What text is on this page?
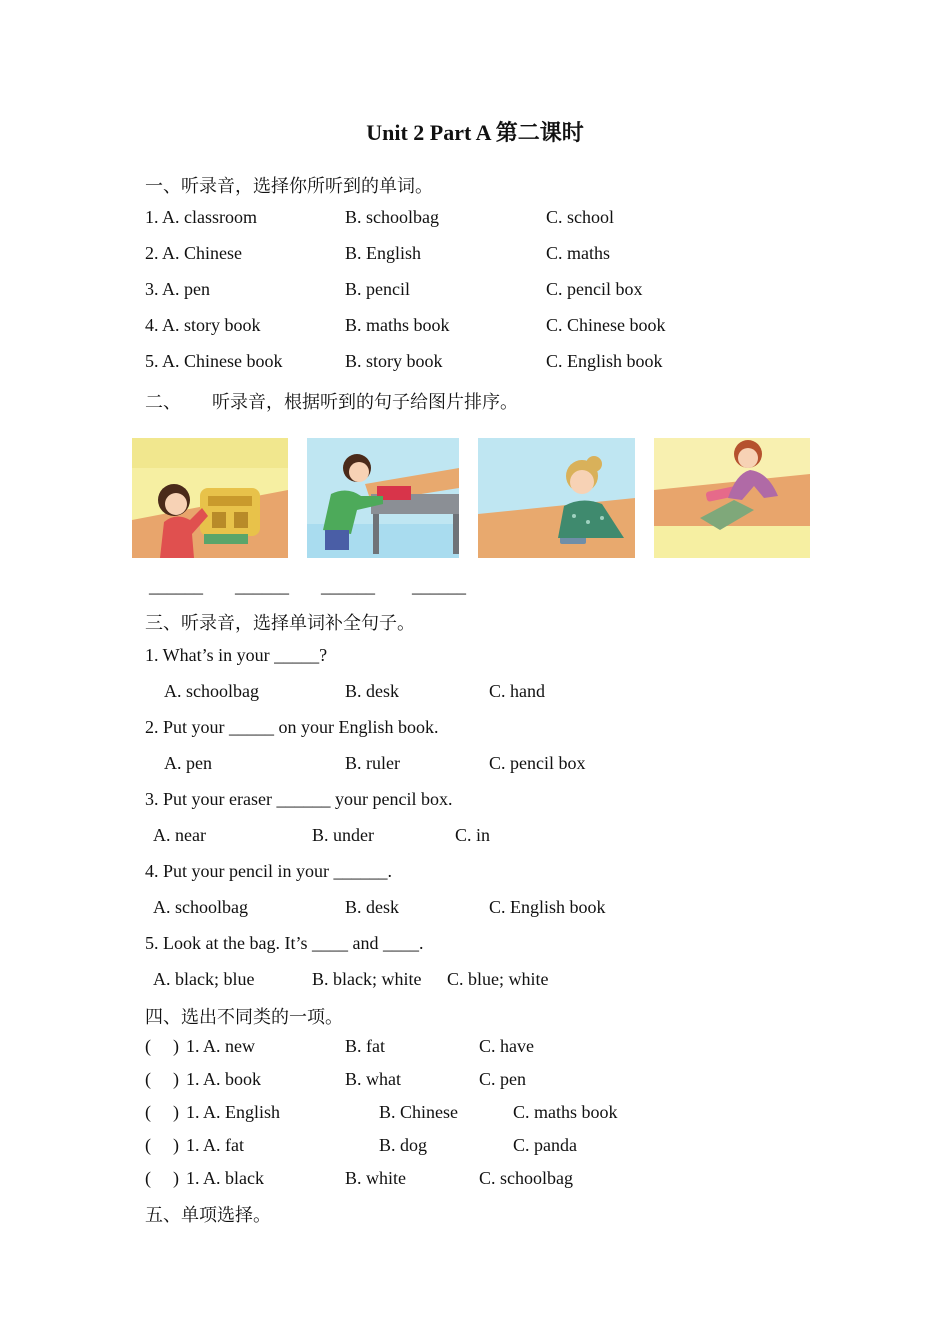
Unit 2 Part A 第二课时
一、听录音，选择你所听到的单词。
1. A. classroom	B. schoolbag	C. school
2. A. Chinese	B. English	C. maths
3. A. pen	B. pencil	C. pencil box
4. A. story book	B. maths book	C. Chinese book
5. A. Chinese book	B. story book	C. English book
二、 听录音，根据听到的句子给图片排序。
______ ______ ______ ______
三、听录音，选择单词补全句子。
1. What’s in your _____?
A. schoolbag	B. desk	C. hand
2. Put your _____ on your English book.
A. pen	B. ruler	C. pencil box
3. Put your eraser ______ your pencil box.
A. near	B. under	C. in
4. Put your pencil in your ______.
A. schoolbag	B. desk	C. English book
5. Look at the bag. It’s ____ and ____.
A. black; blue	B. black; white C. blue; white
四、选出不同类的一项。
( ) 1. A. new	B. fat	C. have
( ) 1. A. book	B. what	C. pen
( ) 1. A. English	B. Chinese	C. maths book
( ) 1. A. fat	B. dog	C. panda
( ) 1. A. black	B. white	C. schoolbag
五、单项选择。
